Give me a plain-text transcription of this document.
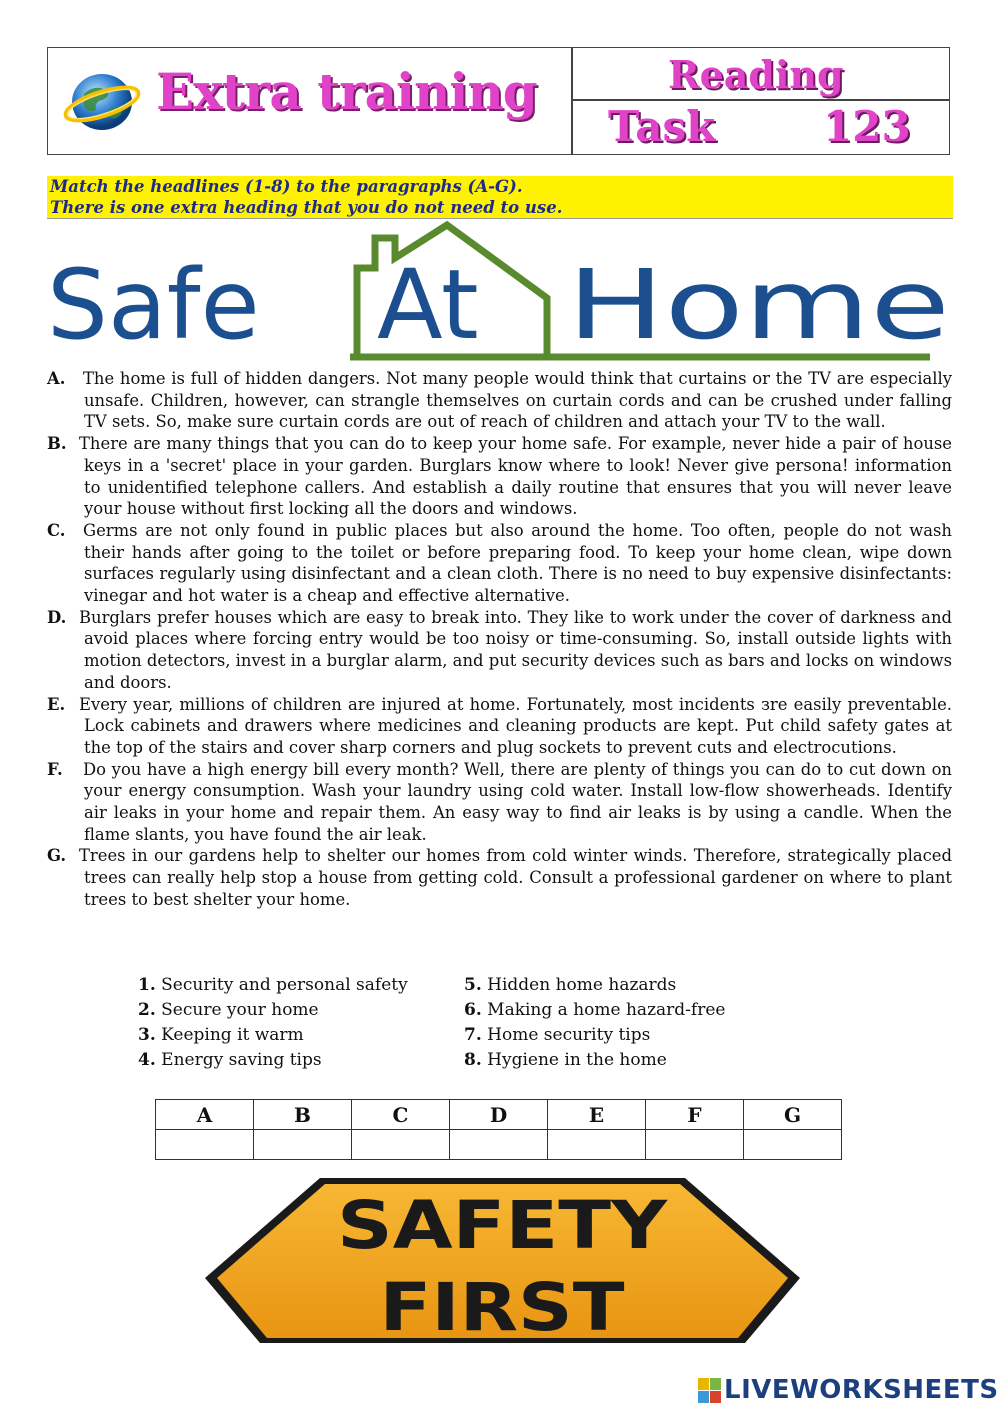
Extra training	Reading
Task	123
Match the headlines (1-8) to the paragraphs (A-G).
There is one extra heading that you do not need to use.
Safe At Home
A. The home is full of hidden dangers. Not many people would think that curtains or the TV are especially unsafe. Children, however, can strangle themselves on curtain cords and can be crushed under falling TV sets. So, make sure curtain cords are out of reach of children and attach your TV to the wall.
B. There are many things that you can do to keep your home safe. For example, never hide a pair of house keys in a 'secret' place in your garden. Burglars know where to look! Never give persona! information to unidentified telephone callers. And establish a daily routine that ensures that you will never leave your house without first locking all the doors and windows.
C. Germs are not only found in public places but also around the home. Too often, people do not wash their hands after going to the toilet or before preparing food. To keep your home clean, wipe down surfaces regularly using disinfectant and a clean cloth. There is no need to buy expensive disinfectants: vinegar and hot water is a cheap and effective alternative.
D. Burglars prefer houses which are easy to break into. They like to work under the cover of darkness and avoid places where forcing entry would be too noisy or time-consuming. So, install outside lights with motion detectors, invest in a burglar alarm, and put security devices such as bars and locks on windows and doors.
E. Every year, millions of children are injured at home. Fortunately, most incidents зre easily preventable. Lock cabinets and drawers where medicines and cleaning products are kept. Put child safety gates at the top of the stairs and cover sharp corners and plug sockets to prevent cuts and electrocutions.
F. Do you have a high energy bill every month? Well, there are plenty of things you can do to cut down on your energy consumption. Wash your laundry using cold water. Install low-flow showerheads. Identify air leaks in your home and repair them. An easy way to find air leaks is by using a candle. When the flame slants, you have found the air leak.
G. Trees in our gardens help to shelter our homes from cold winter winds. Therefore, strategically placed trees can really help stop a house from getting cold. Consult a professional gardener on where to plant trees to best shelter your home.
1. Security and personal safety
2. Secure your home
3. Keeping it warm
4. Energy saving tips
5. Hidden home hazards
6. Making a home hazard-free
7. Home security tips
8. Hygiene in the home
A	B	C	D	E	F	G

SAFETY
FIRST
LIVEWORKSHEETS
